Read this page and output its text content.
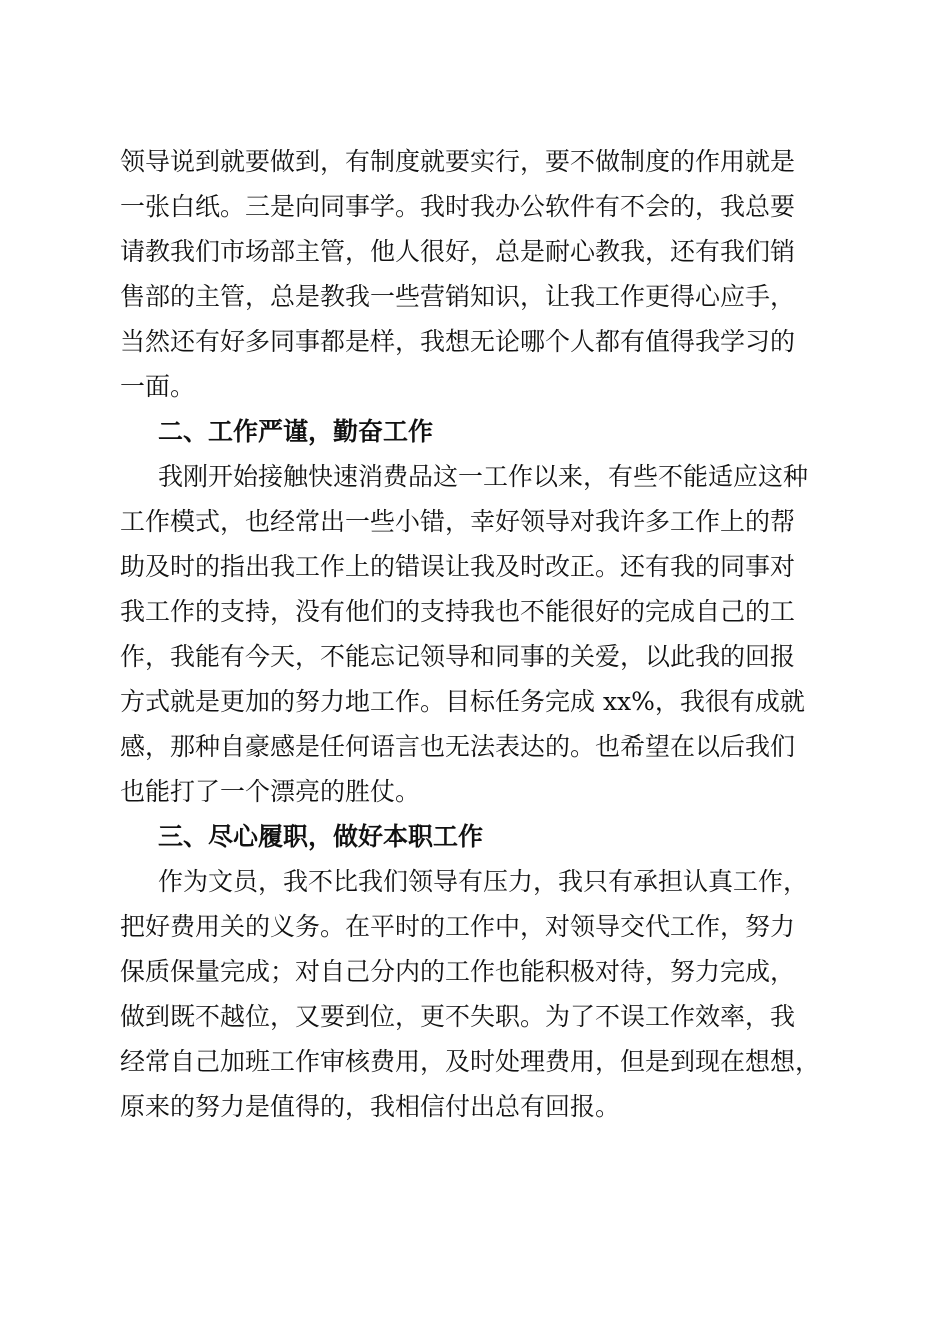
领导说到就要做到，有制度就要实行，要不做制度的作用就是
一张白纸。三是向同事学。我时我办公软件有不会的，我总要
请教我们市场部主管，他人很好，总是耐心教我，还有我们销
售部的主管，总是教我一些营销知识，让我工作更得心应手，
当然还有好多同事都是样，我想无论哪个人都有值得我学习的
一面。
二、工作严谨，勤奋工作
我刚开始接触快速消费品这一工作以来，有些不能适应这种
工作模式，也经常出一些小错，幸好领导对我许多工作上的帮
助及时的指出我工作上的错误让我及时改正。还有我的同事对
我工作的支持，没有他们的支持我也不能很好的完成自己的工
作，我能有今天，不能忘记领导和同事的关爱，以此我的回报
方式就是更加的努力地工作。目标任务完成 xx%，我很有成就
感，那种自豪感是任何语言也无法表达的。也希望在以后我们
也能打了一个漂亮的胜仗。
三、尽心履职，做好本职工作
作为文员，我不比我们领导有压力，我只有承担认真工作，
把好费用关的义务。在平时的工作中，对领导交代工作，努力
保质保量完成；对自己分内的工作也能积极对待，努力完成，
做到既不越位，又要到位，更不失职。为了不误工作效率，我
经常自己加班工作审核费用，及时处理费用，但是到现在想想，
原来的努力是值得的，我相信付出总有回报。
